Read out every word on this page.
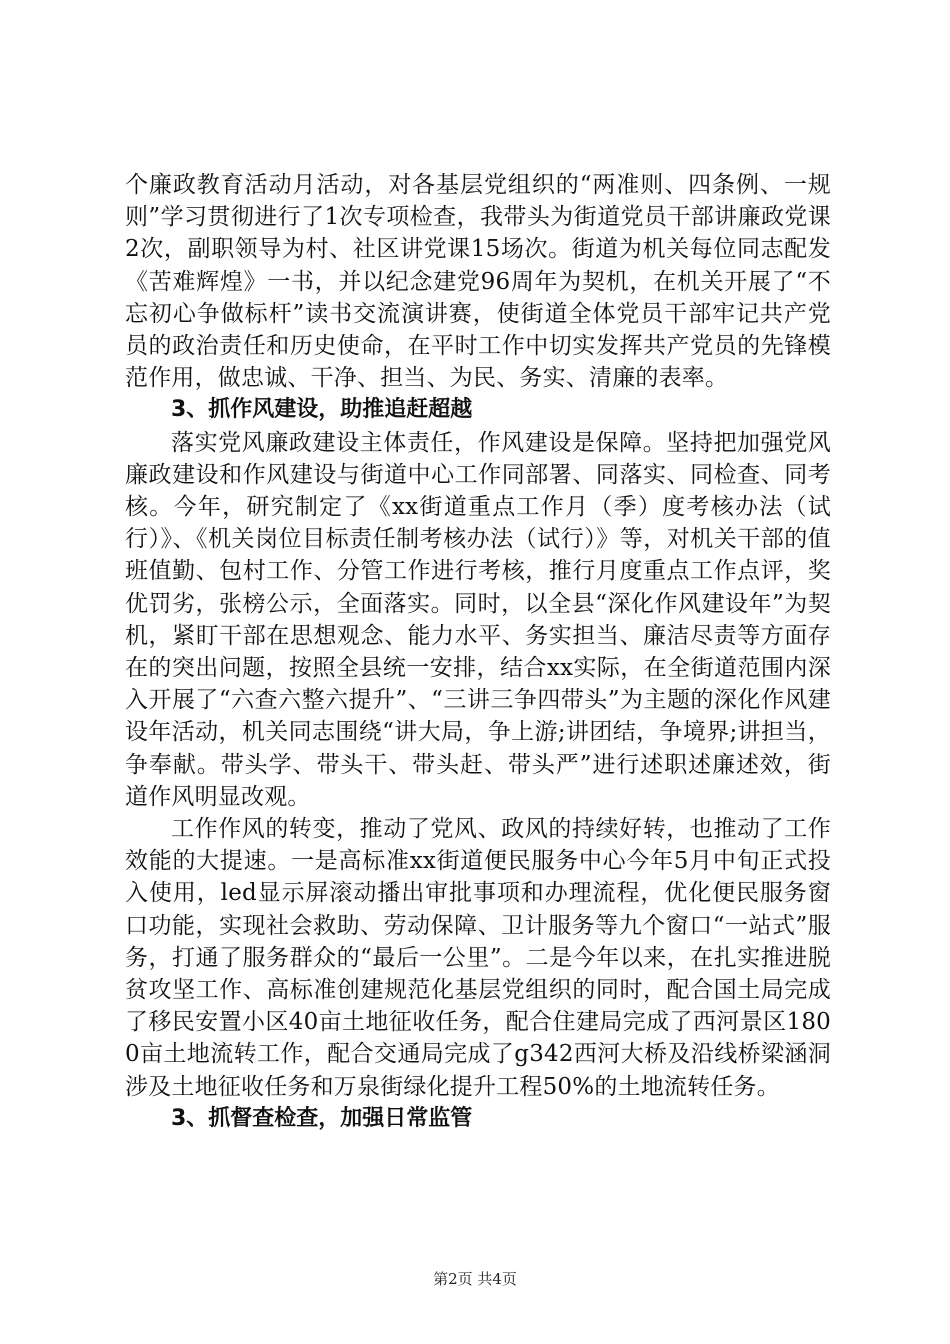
个廉政教育活动月活动，对各基层党组织的“两准则、四条例、一规则”学习贯彻进行了1次专项检查，我带头为街道党员干部讲廉政党课2次，副职领导为村、社区讲党课15场次。街道为机关每位同志配发《苦难辉煌》一书，并以纪念建党96周年为契机，在机关开展了“不忘初心争做标杆”读书交流演讲赛，使街道全体党员干部牢记共产党员的政治责任和历史使命，在平时工作中切实发挥共产党员的先锋模范作用，做忠诚、干净、担当、为民、务实、清廉的表率。

3、抓作风建设，助推追赶超越

落实党风廉政建设主体责任，作风建设是保障。坚持把加强党风廉政建设和作风建设与街道中心工作同部署、同落实、同检查、同考核。今年，研究制定了《xx街道重点工作月（季）度考核办法（试行）》、《机关岗位目标责任制考核办法（试行）》等，对机关干部的值班值勤、包村工作、分管工作进行考核，推行月度重点工作点评，奖优罚劣，张榜公示，全面落实。同时，以全县“深化作风建设年”为契机，紧盯干部在思想观念、能力水平、务实担当、廉洁尽责等方面存在的突出问题，按照全县统一安排，结合xx实际，在全街道范围内深入开展了“六查六整六提升”、“三讲三争四带头”为主题的深化作风建设年活动，机关同志围绕“讲大局，争上游;讲团结，争境界;讲担当，争奉献。带头学、带头干、带头赶、带头严”进行述职述廉述效，街道作风明显改观。

工作作风的转变，推动了党风、政风的持续好转，也推动了工作效能的大提速。一是高标准xx街道便民服务中心今年5月中旬正式投入使用，led显示屏滚动播出审批事项和办理流程，优化便民服务窗口功能，实现社会救助、劳动保障、卫计服务等九个窗口“一站式”服务，打通了服务群众的“最后一公里”。二是今年以来，在扎实推进脱贫攻坚工作、高标准创建规范化基层党组织的同时，配合国土局完成了移民安置小区40亩土地征收任务，配合住建局完成了西河景区1800亩土地流转工作，配合交通局完成了g342西河大桥及沿线桥梁涵洞涉及土地征收任务和万泉街绿化提升工程50%的土地流转任务。

3、抓督查检查，加强日常监管

第2页 共4页
